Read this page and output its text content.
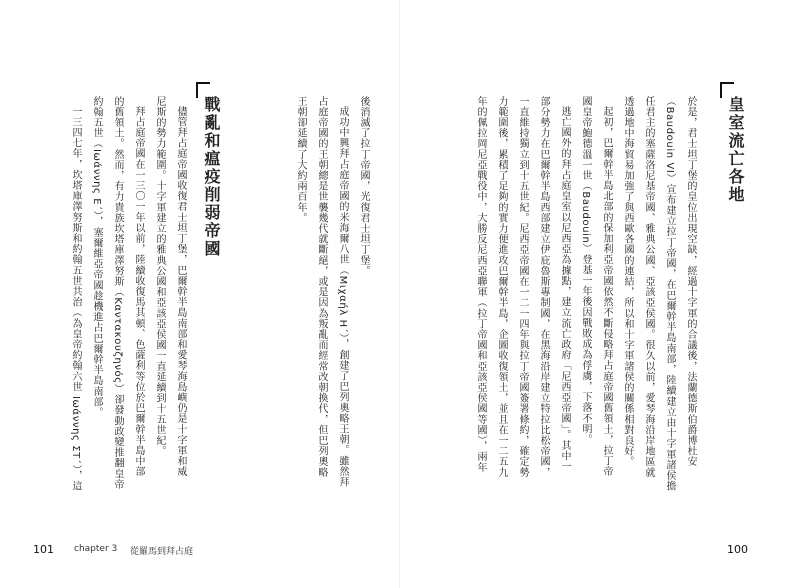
皇室流亡各地
於是，君士坦丁堡的皇位出現空缺，經過十字軍的合議後，法蘭德斯伯爵博杜安
（Baudouin VI）宣布建立拉丁帝國，在巴爾幹半島南部，陸續建立由十字軍諸侯擔
任君主的塞薩洛尼基帝國、雅典公國、亞該亞侯國。很久以前，愛琴海沿岸地區就
透過地中海貿易加強了與西歐各國的連結，所以和十字軍諸侯的關係相對良好。
起初，巴爾幹半島北部的保加利亞帝國依然不斷侵略拜占庭帝國舊領土，拉丁帝
國皇帝鮑德溫一世（Baudouin）登基一年後因戰敗成為俘虜，下落不明。
逃亡國外的拜占庭皇室以尼西亞為據點，建立流亡政府「尼西亞帝國」。其中一
部分勢力在巴爾幹半島西部建立伊庇魯斯專制國，在黑海沿岸建立特拉比松帝國，
一直維持獨立到十五世紀。尼西亞帝國在一二一四年與拉丁帝國簽署條約，確定勢
力範圍後，累積了足夠的實力便進攻巴爾幹半島，企圖收復領土，並且在一二五九
年的佩拉岡尼亞戰役中，大勝反尼西亞聯軍（拉丁帝國和亞該亞侯國等國），兩年
後消滅了拉丁帝國，光復君士坦丁堡。
成功中興拜占庭帝國的米海爾八世（Μιχαήλ Η΄），創建了巴列奧略王朝。雖然拜
占庭帝國的王朝總是世襲幾代就斷絕，或是因為叛亂而經常改朝換代，但巴列奧略
王朝卻延續了大約兩百年。
100
戰亂和瘟疫削弱帝國
儘管拜占庭帝國收復君士坦丁堡，巴爾幹半島南部和愛琴海島嶼仍是十字軍和威
尼斯的勢力範圍。十字軍建立的雅典公國和亞該亞侯國一直延續到十五世紀。
拜占庭帝國在一三〇一年以前，陸續收復馬其頓、色薩利等位於巴爾幹半島中部
的舊領土。然而，有力貴族坎塔庫澤努斯（Καντακουζηνός）卻發動政變推翻皇帝
約翰五世（Ιωάννης Ε΄），塞爾維亞帝國趁機進占巴爾幹半島南部。
一三四七年，坎塔庫澤努斯和約翰五世共治（為皇帝約翰六世 Ιωάννης ΣΤ΄），這
101 chapter 3 從羅馬到拜占庭
